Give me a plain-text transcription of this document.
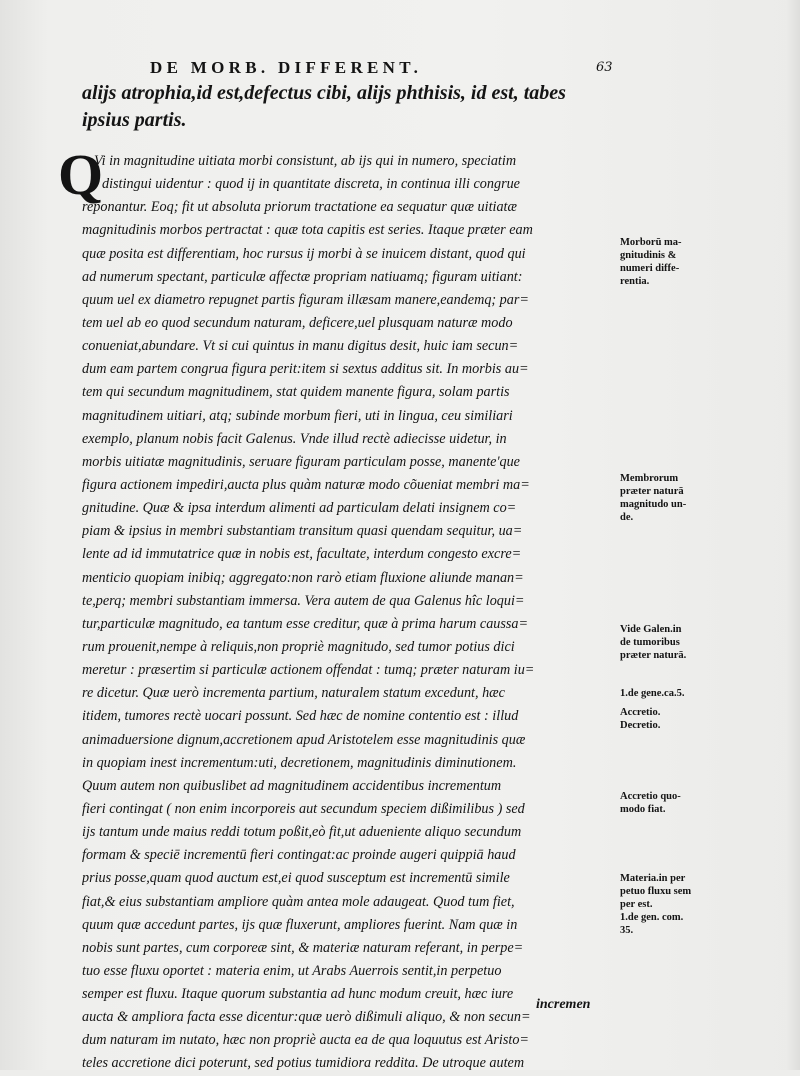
DE MORB. DIFFERENT.	63
alijs atrophia,id est,defectus cibi, alijs phthisis, id est, tabes
ipsius partis.
Q
Vi in magnitudine uitiata morbi consistunt, ab ijs qui in numero, speciatim
distingui uidentur : quod ij in quantitate discreta, in continua illi congrue
reponantur. Eoq; fit ut absoluta priorum tractatione ea sequatur quæ uitiatæ
magnitudinis morbos pertractat : quæ tota capitis est series. Itaque præter eam
quæ posita est differentiam, hoc rursus ij morbi à se inuicem distant, quod qui
ad numerum spectant, particulæ affectæ propriam natiuamq; figuram uitiant:
quum uel ex diametro repugnet partis figuram illæsam manere,eandemq; par=
tem uel ab eo quod secundum naturam, deficere,uel plusquam naturæ modo
conueniat,abundare. Vt si cui quintus in manu digitus desit, huic iam secun=
dum eam partem congrua figura perit:item si sextus additus sit. In morbis au=
tem qui secundum magnitudinem, stat quidem manente figura, solam partis
magnitudinem uitiari, atq; subinde morbum fieri, uti in lingua, ceu similiari
exemplo, planum nobis facit Galenus. Vnde illud rectè adiecisse uidetur, in
morbis uitiatæ magnitudinis, seruare figuram particulam posse, manente'que
figura actionem impediri,aucta plus quàm naturæ modo cõueniat membri ma=
gnitudine. Quæ & ipsa interdum alimenti ad particulam delati insignem co=
piam & ipsius in membri substantiam transitum quasi quendam sequitur, ua=
lente ad id immutatrice quæ in nobis est, facultate, interdum congesto excre=
menticio quopiam inibiq; aggregato:non rarò etiam fluxione aliunde manan=
te,perq; membri substantiam immersa. Vera autem de qua Galenus hîc loqui=
tur,particulæ magnitudo, ea tantum esse creditur, quæ à prima harum caussa=
rum prouenit,nempe à reliquis,non propriè magnitudo, sed tumor potius dici
meretur : præsertim si particulæ actionem offendat : tumq; præter naturam iu=
re dicetur. Quæ uerò incrementa partium, naturalem statum excedunt, hæc
itidem, tumores rectè uocari possunt. Sed hæc de nomine contentio est : illud
animaduersione dignum,accretionem apud Aristotelem esse magnitudinis quæ
in quopiam inest incrementum:uti, decretionem, magnitudinis diminutionem.
Quum autem non quibuslibet ad magnitudinem accidentibus incrementum
fieri contingat ( non enim incorporeis aut secundum speciem dißimilibus ) sed
ijs tantum unde maius reddi totum poßit,eò fit,ut adueniente aliquo secundum
formam & speciē incrementū fieri contingat:ac proinde augeri quippiā haud
prius posse,quam quod auctum est,ei quod susceptum est incrementū simile
fiat,& eius substantiam ampliore quàm antea mole adaugeat. Quod tum fiet,
quum quæ accedunt partes, ijs quæ fluxerunt, ampliores fuerint. Nam quæ in
nobis sunt partes, cum corporeæ sint, & materiæ naturam referant, in perpe=
tuo esse fluxu oportet : materia enim, ut Arabs Auerrois sentit,in perpetuo
semper est fluxu. Itaque quorum substantia ad hunc modum creuit, hæc iure
aucta & ampliora facta esse dicentur:quæ uerò dißimuli aliquo, & non secun=
dum naturam im nutato, hæc non propriè aucta ea de qua loquutus est Aristo=
teles accretione dici poterunt, sed potius tumidiora reddita. De utroque autem
incremen
Morborū ma-
gnitudinis &
numeri diffe-
rentia.
Membrorum
præter naturā
magnitudo un-
de.
Vide Galen.in
de tumoribus
præter naturā.
1.de gene.ca.5.
Accretio.
Decretio.
Accretio quo-
modo fiat.
Materia.in per
petuo fluxu sem
per est.
1.de gen. com.
35.
